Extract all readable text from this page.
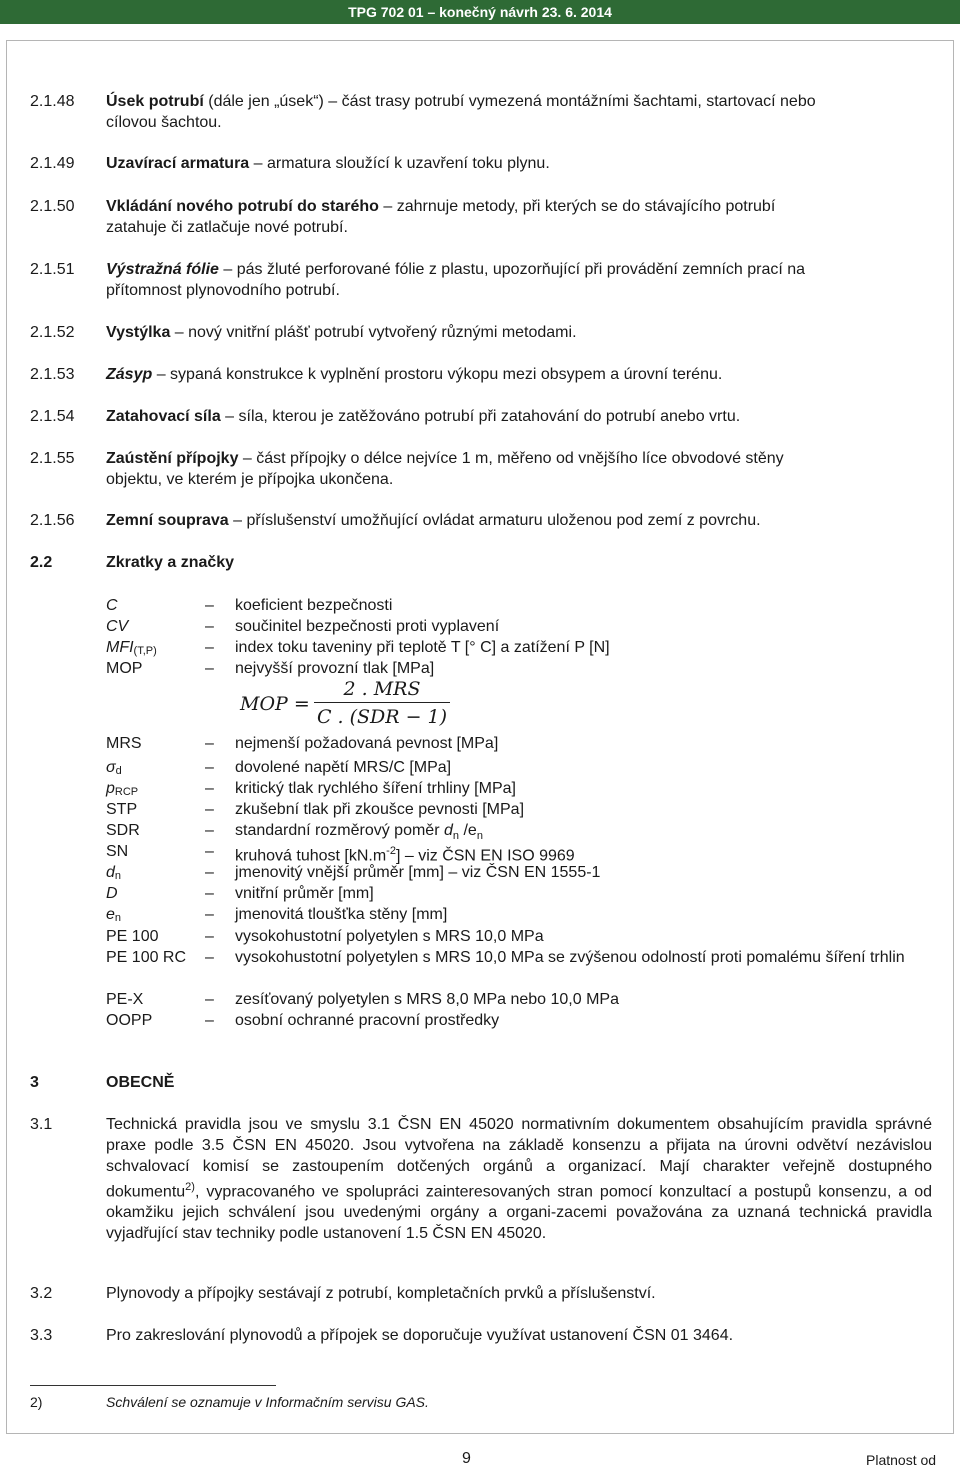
TPG 702 01 – konečný návrh 23. 6. 2014
2.1.48 Úsek potrubí (dále jen „úsek“) – část trasy potrubí vymezená montážními šachtami, startovací nebo
cílovou šachtou.
2.1.49 Uzavírací armatura – armatura sloužící k uzavření toku plynu.
2.1.50 Vkládání nového potrubí do starého – zahrnuje metody, při kterých se do stávajícího potrubí
zatahuje či zatlačuje nové potrubí.
2.1.51 Výstražná fólie – pás žluté perforované fólie z plastu, upozorňující při provádění zemních prací na
přítomnost plynovodního potrubí.
2.1.52 Vystýlka – nový vnitřní plášť potrubí vytvořený různými metodami.
2.1.53 Zásyp – sypaná konstrukce k vyplnění prostoru výkopu mezi obsypem a úrovní terénu.
2.1.54 Zatahovací síla – síla, kterou je zatěžováno potrubí při zatahování do potrubí anebo vrtu.
2.1.55 Zaústění přípojky – část přípojky o délce nejvíce 1 m, měřeno od vnějšího líce obvodové stěny
objektu, ve kterém je přípojka ukončena.
2.1.56 Zemní souprava – příslušenství umožňující ovládat armaturu uloženou pod zemí z povrchu.
2.2	Zkratky a značky
C	– koeficient bezpečnosti
CV	– součinitel bezpečnosti proti vyplavení
$MFI_{(T,P)}$	– index toku taveniny při teplotě T [° C] a zatížení P [N]
MOP	– nejvyšší provozní tlak [MPa]
MOP =
2 . MRS
C . (SDR − 1)
MRS	– nejmenší požadovaná pevnost [MPa]
$\sigma_d$	– dovolené napětí MRS/C [MPa]
$p_{RCP}$	– kritický tlak rychlého šíření trhliny [MPa]
STP	– zkušební tlak při zkoušce pevnosti [MPa]
SDR	– standardní rozměrový poměr $d_n$ $/e_n$
SN	– kruhová tuhost $[kN.m^{-2}]$ – viz ČSN EN ISO 9969
$d_n$	– jmenovitý vnější průměr [mm] – viz ČSN EN 1555-1
D	– vnitřní průměr [mm]
$e_n$	– jmenovitá tloušťka stěny [mm]
PE 100	– vysokohustotní polyetylen s MRS 10,0 MPa
PE 100 RC – vysokohustotní polyetylen s MRS 10,0 MPa se zvýšenou odolností proti pomalému šíření trhlin
PE-X	– zesíťovaný polyetylen s MRS 8,0 MPa nebo 10,0 MPa
OOPP	– osobní ochranné pracovní prostředky
3	OBECNĚ
3.1	Technická pravidla jsou ve smyslu 3.1 ČSN EN 45020 normativním dokumentem obsahujícím pravidla správné praxe podle 3.5 ČSN EN 45020. Jsou vytvořena na základě konsenzu a přijata na úrovni odvětví nezávislou schvalovací komisí se zastoupením dotčených orgánů a organizací. Mají charakter veřejně dostupného dokumentu$^{2)}$, vypracovaného ve spolupráci zainteresovaných stran pomocí konzultací a postupů konsenzu, a od okamžiku jejich schválení jsou uvedenými orgány a organi-zacemi považována za uznaná technická pravidla vyjadřující stav techniky podle ustanovení 1.5 ČSN EN 45020.
3.2	Plynovody a přípojky sestávají z potrubí, kompletačních prvků a příslušenství.
3.3	Pro zakreslování plynovodů a přípojek se doporučuje využívat ustanovení ČSN 01 3464.
2)	Schválení se oznamuje v Informačním servisu GAS.
9	Platnost od
